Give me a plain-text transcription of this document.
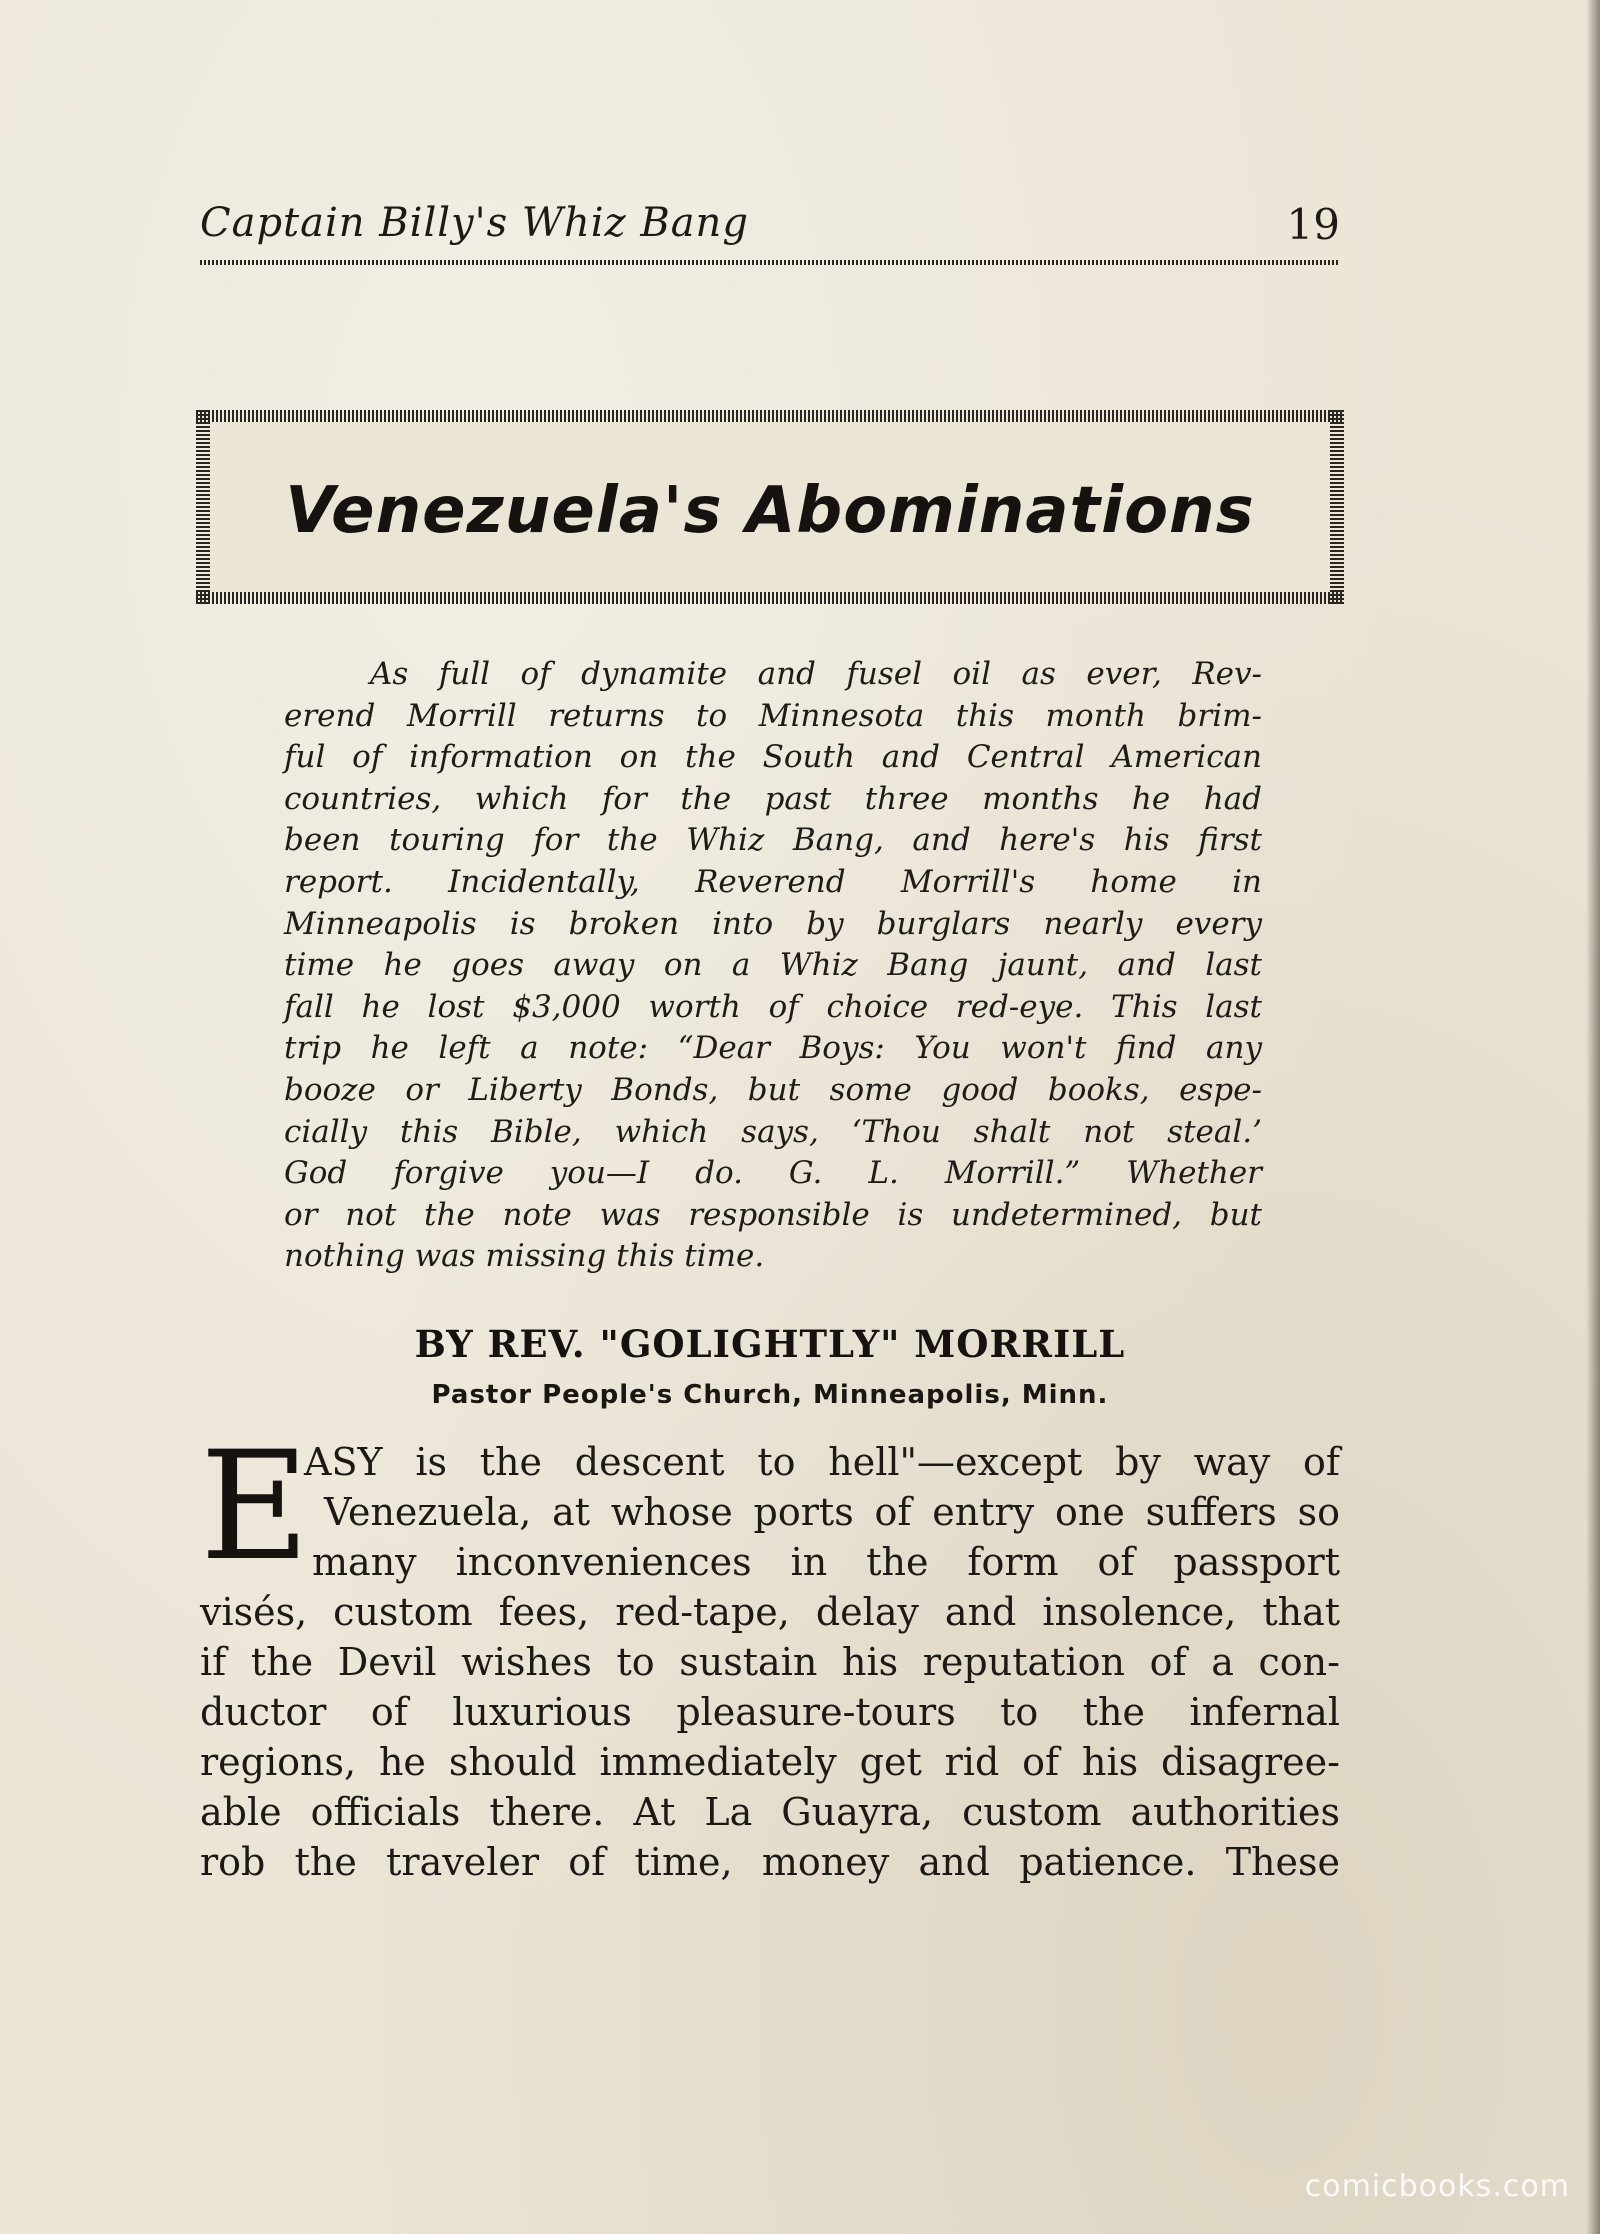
Captain Billy's Whiz Bang	19
Venezuela's Abominations
As full of dynamite and fusel oil as ever, Rev-
erend Morrill returns to Minnesota this month brim-
ful of information on the South and Central American
countries, which for the past three months he had
been touring for the Whiz Bang, and here's his first
report. Incidentally, Reverend Morrill's home in
Minneapolis is broken into by burglars nearly every
time he goes away on a Whiz Bang jaunt, and last
fall he lost $3,000 worth of choice red-eye. This last
trip he left a note: “Dear Boys: You won't find any
booze or Liberty Bonds, but some good books, espe-
cially this Bible, which says, ‘Thou shalt not steal.’
God forgive you—I do. G. L. Morrill.” Whether
or not the note was responsible is undetermined, but
nothing was missing this time.
BY REV. "GOLIGHTLY" MORRILL
Pastor People's Church, Minneapolis, Minn.
E
ASY is the descent to hell"—except by way of
Venezuela, at whose ports of entry one suffers so
many inconveniences in the form of passport
visés, custom fees, red-tape, delay and insolence, that
if the Devil wishes to sustain his reputation of a con-
ductor of luxurious pleasure-tours to the infernal
regions, he should immediately get rid of his disagree-
able officials there. At La Guayra, custom authorities
rob the traveler of time, money and patience. These
comicbooks.com
